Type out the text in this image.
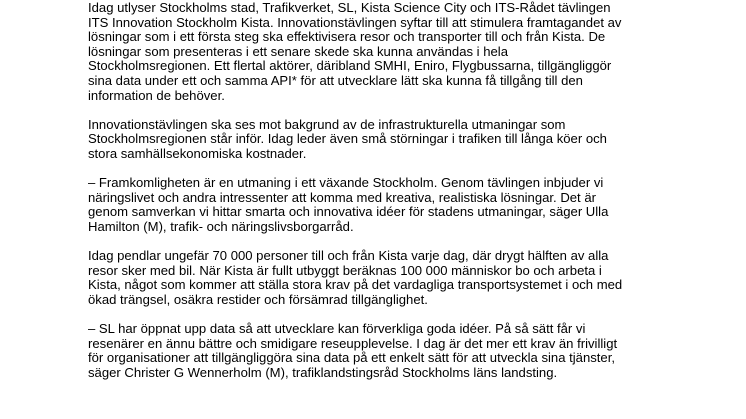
Idag utlyser Stockholms stad, Trafikverket, SL, Kista Science City och ITS-Rådet tävlingen
ITS Innovation Stockholm Kista. Innovationstävlingen syftar till att stimulera framtagandet av
lösningar som i ett första steg ska effektivisera resor och transporter till och från Kista. De
lösningar som presenteras i ett senare skede ska kunna användas i hela
Stockholmsregionen. Ett flertal aktörer, däribland SMHI, Eniro, Flygbussarna, tillgängliggör
sina data under ett och samma API* för att utvecklare lätt ska kunna få tillgång till den
information de behöver.

Innovationstävlingen ska ses mot bakgrund av de infrastrukturella utmaningar som
Stockholmsregionen står inför. Idag leder även små störningar i trafiken till långa köer och
stora samhällsekonomiska kostnader.

– Framkomligheten är en utmaning i ett växande Stockholm. Genom tävlingen inbjuder vi
näringslivet och andra intressenter att komma med kreativa, realistiska lösningar. Det är
genom samverkan vi hittar smarta och innovativa idéer för stadens utmaningar, säger Ulla
Hamilton (M), trafik- och näringslivsborgarråd.

Idag pendlar ungefär 70 000 personer till och från Kista varje dag, där drygt hälften av alla
resor sker med bil. När Kista är fullt utbyggt beräknas 100 000 människor bo och arbeta i
Kista, något som kommer att ställa stora krav på det vardagliga transportsystemet i och med
ökad trängsel, osäkra restider och försämrad tillgänglighet.

– SL har öppnat upp data så att utvecklare kan förverkliga goda idéer. På så sätt får vi
resenärer en ännu bättre och smidigare reseupplevelse. I dag är det mer ett krav än frivilligt
för organisationer att tillgängliggöra sina data på ett enkelt sätt för att utveckla sina tjänster,
säger Christer G Wennerholm (M), trafiklandstingsråd Stockholms läns landsting.
